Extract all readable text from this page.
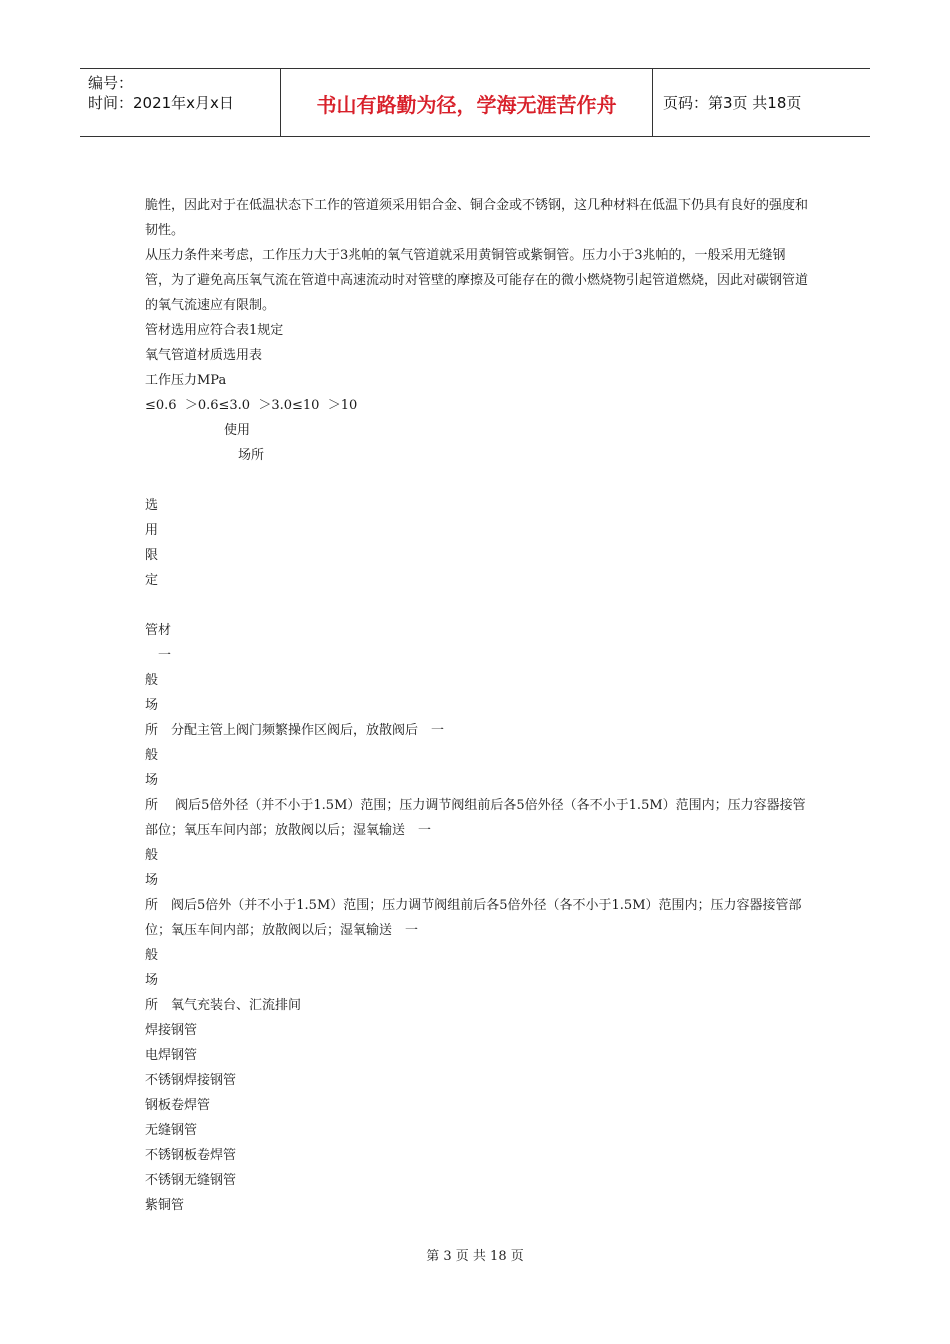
编号：
时间：2021年x月x日	书山有路勤为径，学海无涯苦作舟	页码：第3页 共18页

脆性，因此对于在低温状态下工作的管道须采用铝合金、铜合金或不锈钢，这几种材料在低温下仍具有良好的强度和韧性。

从压力条件来考虑，工作压力大于3兆帕的氧气管道就采用黄铜管或紫铜管。压力小于3兆帕的，一般采用无缝钢管，为了避免高压氧气流在管道中高速流动时对管壁的摩擦及可能存在的微小燃烧物引起管道燃烧，因此对碳钢管道的氧气流速应有限制。

管材选用应符合表1规定

氧气管道材质选用表

工作压力MPa

≤0.6  ＞0.6≤3.0  ＞3.0≤10  ＞10

使用

场所

选

用

限

定

管材

一

般

场

所　分配主管上阀门频繁操作区阀后，放散阀后　一

般

场

所　 阀后5倍外径（并不小于1.5M）范围；压力调节阀组前后各5倍外径（各不小于1.5M）范围内；压力容器接管部位；氧压车间内部；放散阀以后；湿氧输送　一

般

场

所　阀后5倍外（并不小于1.5M）范围；压力调节阀组前后各5倍外径（各不小于1.5M）范围内；压力容器接管部位；氧压车间内部；放散阀以后；湿氧输送　一

般

场

所　氧气充装台、汇流排间

焊接钢管

电焊钢管

不锈钢焊接钢管

钢板卷焊管

无缝钢管

不锈钢板卷焊管

不锈钢无缝钢管

紫铜管

第 3 页 共 18 页
